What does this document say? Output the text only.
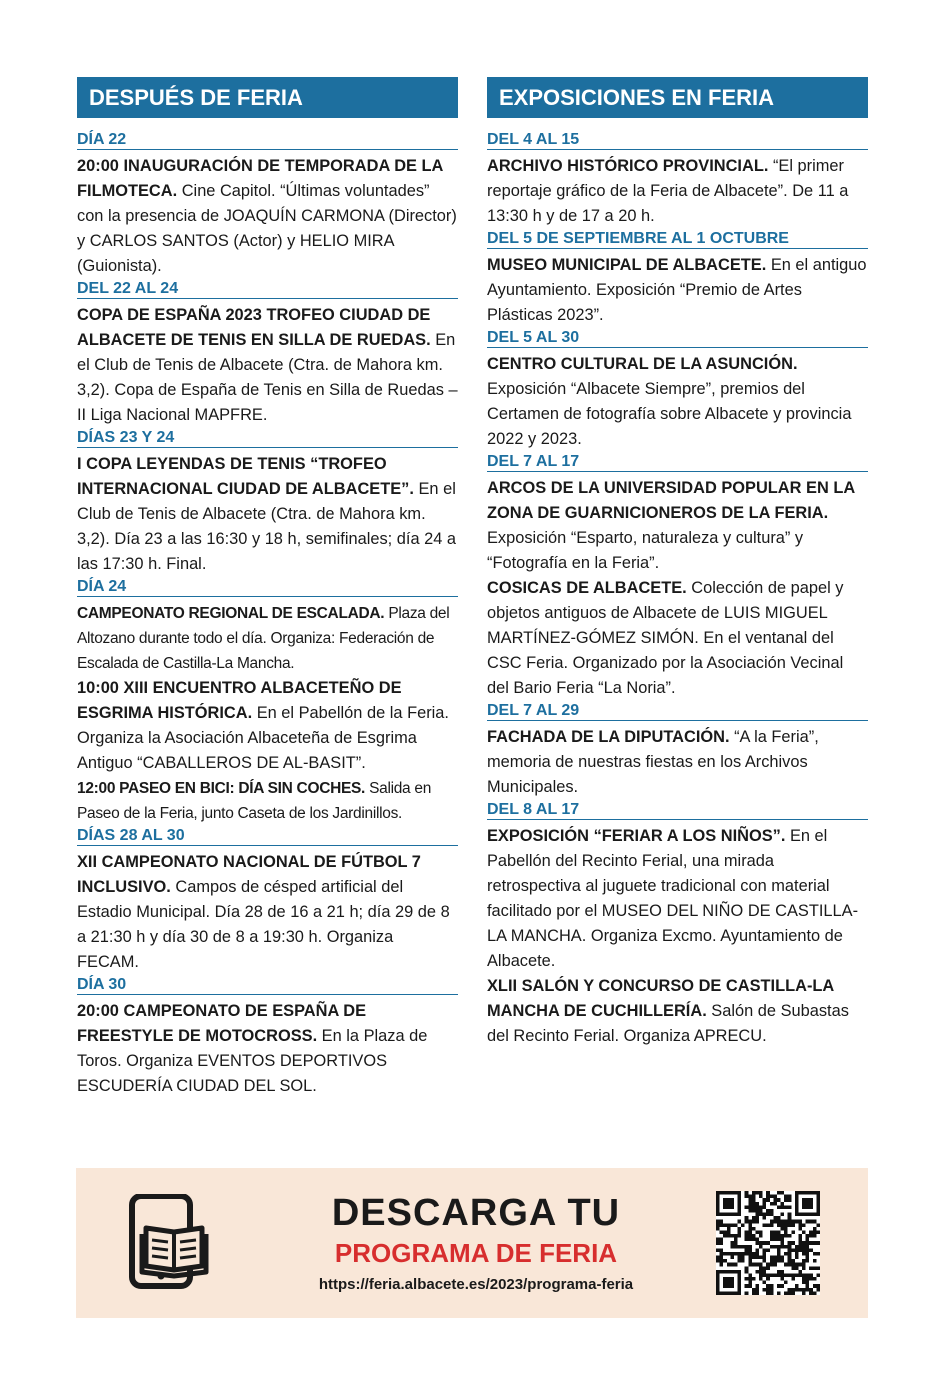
DESPUÉS DE FERIA
DÍA 22

20:00 INAUGURACIÓN DE TEMPORADA DE LA FILMOTECA. Cine Capitol. “Últimas voluntades” con la presencia de JOAQUÍN CARMONA (Director) y CARLOS SANTOS (Actor) y HELIO MIRA (Guionista).

DEL 22 AL 24

COPA DE ESPAÑA 2023 TROFEO CIUDAD DE ALBACETE DE TENIS EN SILLA DE RUEDAS. En el Club de Tenis de Albacete (Ctra. de Mahora km. 3,2). Copa de España de Tenis en Silla de Ruedas – II Liga Nacional MAPFRE.

DÍAS 23 Y 24

I COPA LEYENDAS DE TENIS “TROFEO INTERNACIONAL CIUDAD DE ALBACETE”. En el Club de Tenis de Albacete (Ctra. de Mahora km. 3,2). Día 23 a las 16:30 y 18 h, semifinales; día 24 a las 17:30 h. Final.

DÍA 24

CAMPEONATO REGIONAL DE ESCALADA. Plaza del Altozano durante todo el día. Organiza: Federación de Escalada de Castilla-La Mancha.

10:00 XIII ENCUENTRO ALBACETEÑO DE ESGRIMA HISTÓRICA. En el Pabellón de la Feria. Organiza la Asociación Albaceteña de Esgrima Antiguo “CABALLEROS DE AL-BASIT”.

12:00 PASEO EN BICI: DÍA SIN COCHES. Salida en Paseo de la Feria, junto Caseta de los Jardinillos.

DÍAS 28 AL 30

XII CAMPEONATO NACIONAL DE FÚTBOL 7 INCLUSIVO. Campos de césped artificial del Estadio Municipal. Día 28 de 16 a 21 h; día 29 de 8 a 21:30 h y día 30 de 8 a 19:30 h. Organiza FECAM.

DÍA 30

20:00 CAMPEONATO DE ESPAÑA DE FREESTYLE DE MOTOCROSS. En la Plaza de Toros. Organiza EVENTOS DEPORTIVOS ESCUDERÍA CIUDAD DEL SOL.

EXPOSICIONES EN FERIA
DEL 4 AL 15

ARCHIVO HISTÓRICO PROVINCIAL. “El primer reportaje gráfico de la Feria de Albacete”. De 11 a 13:30 h y de 17 a 20 h.

DEL 5 DE SEPTIEMBRE AL 1 OCTUBRE

MUSEO MUNICIPAL DE ALBACETE. En el antiguo Ayuntamiento. Exposición “Premio de Artes Plásticas 2023”.

DEL 5 AL 30

CENTRO CULTURAL DE LA ASUNCIÓN. Exposición “Albacete Siempre”, premios del Certamen de fotografía sobre Albacete y provincia 2022 y 2023.

DEL 7 AL 17

ARCOS DE LA UNIVERSIDAD POPULAR EN LA ZONA DE GUARNICIONEROS DE LA FERIA. Exposición “Esparto, naturaleza y cultura” y “Fotografía en la Feria”.

COSICAS DE ALBACETE. Colección de papel y objetos antiguos de Albacete de LUIS MIGUEL MARTÍNEZ-GÓMEZ SIMÓN. En el ventanal del CSC Feria. Organizado por la Asociación Vecinal del Bario Feria “La Noria”.

DEL 7 AL 29

FACHADA DE LA DIPUTACIÓN. “A la Feria”, memoria de nuestras fiestas en los Archivos Municipales.

DEL 8 AL 17

EXPOSICIÓN “FERIAR A LOS NIÑOS”. En el Pabellón del Recinto Ferial, una mirada retrospectiva al juguete tradicional con material facilitado por el MUSEO DEL NIÑO DE CASTILLA-LA MANCHA. Organiza Excmo. Ayuntamiento de Albacete.

XLII SALÓN Y CONCURSO DE CASTILLA-LA MANCHA DE CUCHILLERÍA. Salón de Subastas del Recinto Ferial. Organiza APRECU.

DESCARGA TU
PROGRAMA DE FERIA
https://feria.albacete.es/2023/programa-feria
